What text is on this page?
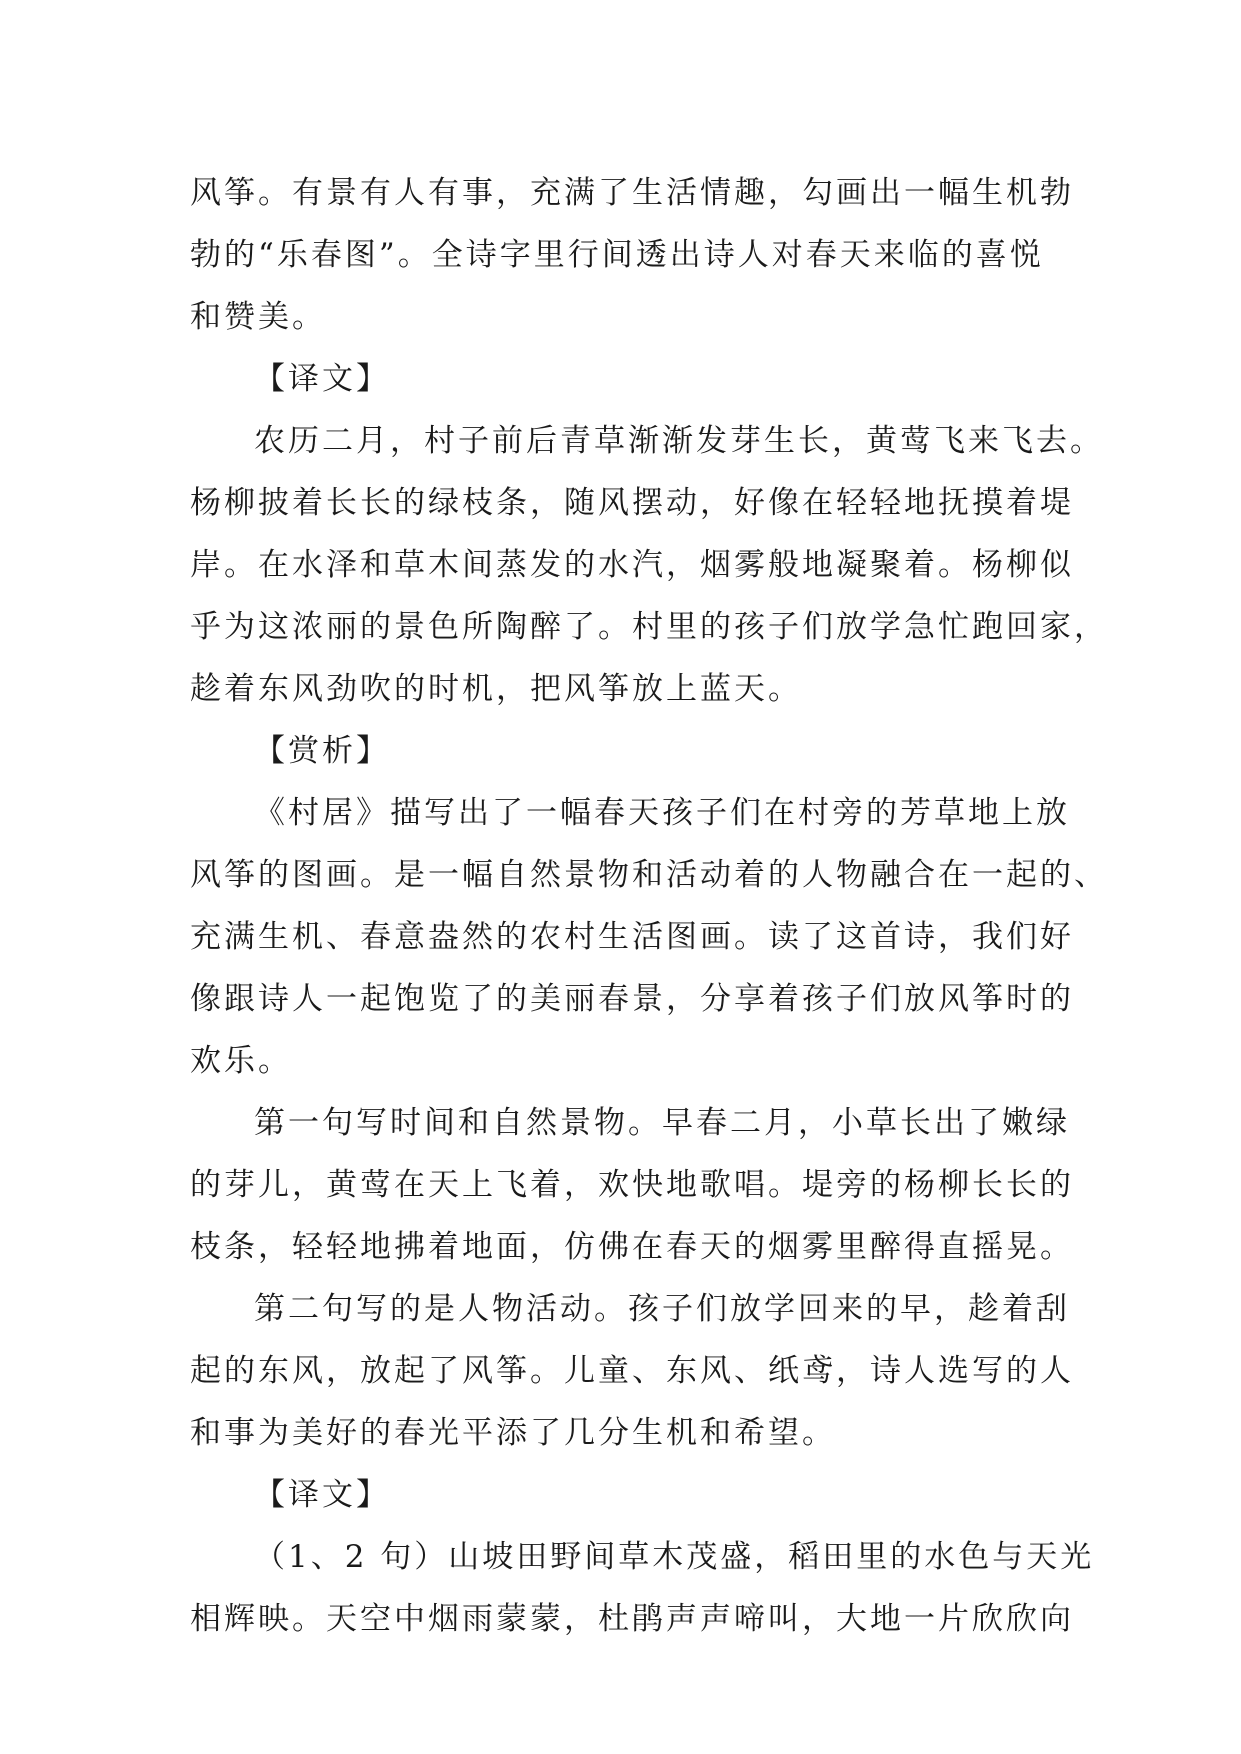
风筝。有景有人有事，充满了生活情趣，勾画出一幅生机勃
勃的“乐春图”。全诗字里行间透出诗人对春天来临的喜悦
和赞美。
【译文】
农历二月，村子前后青草渐渐发芽生长，黄莺飞来飞去。
杨柳披着长长的绿枝条，随风摆动，好像在轻轻地抚摸着堤
岸。在水泽和草木间蒸发的水汽，烟雾般地凝聚着。杨柳似
乎为这浓丽的景色所陶醉了。村里的孩子们放学急忙跑回家，
趁着东风劲吹的时机，把风筝放上蓝天。
【赏析】
《村居》描写出了一幅春天孩子们在村旁的芳草地上放
风筝的图画。是一幅自然景物和活动着的人物融合在一起的、
充满生机、春意盎然的农村生活图画。读了这首诗，我们好
像跟诗人一起饱览了的美丽春景，分享着孩子们放风筝时的
欢乐。
第一句写时间和自然景物。早春二月，小草长出了嫩绿
的芽儿，黄莺在天上飞着，欢快地歌唱。堤旁的杨柳长长的
枝条，轻轻地拂着地面，仿佛在春天的烟雾里醉得直摇晃。
第二句写的是人物活动。孩子们放学回来的早，趁着刮
起的东风，放起了风筝。儿童、东风、纸鸢，诗人选写的人
和事为美好的春光平添了几分生机和希望。
【译文】
（1、2 句）山坡田野间草木茂盛，稻田里的水色与天光
相辉映。天空中烟雨蒙蒙，杜鹃声声啼叫，大地一片欣欣向
